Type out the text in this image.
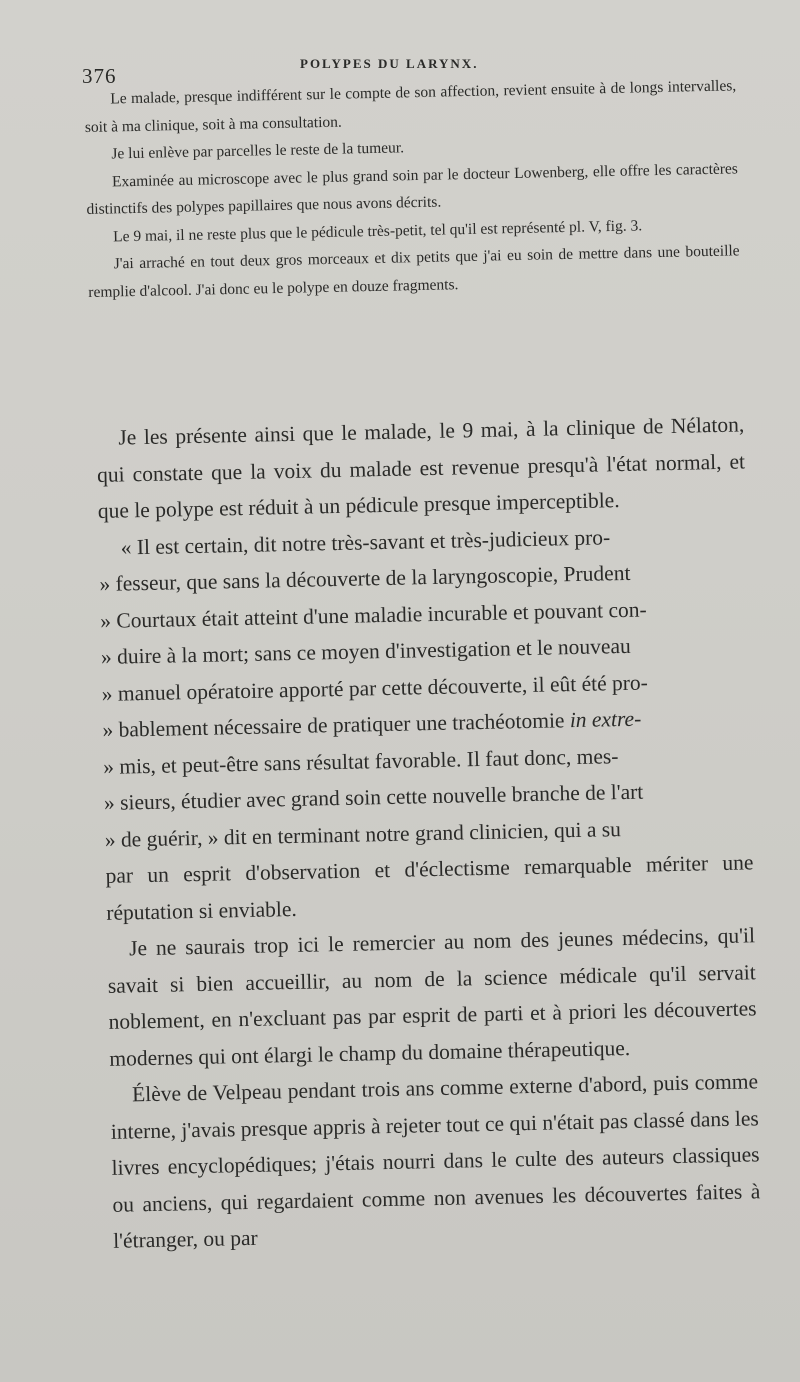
376
POLYPES DU LARYNX.

Le malade, presque indifférent sur le compte de son affection, revient ensuite à de longs intervalles, soit à ma clinique, soit à ma consultation.

Je lui enlève par parcelles le reste de la tumeur.

Examinée au microscope avec le plus grand soin par le docteur Lowenberg, elle offre les caractères distinctifs des polypes papillaires que nous avons décrits.

Le 9 mai, il ne reste plus que le pédicule très-petit, tel qu'il est représenté pl. V, fig. 3.

J'ai arraché en tout deux gros morceaux et dix petits que j'ai eu soin de mettre dans une bouteille remplie d'alcool. J'ai donc eu le polype en douze fragments.

Je les présente ainsi que le malade, le 9 mai, à la clinique de Nélaton, qui constate que la voix du malade est revenue presqu'à l'état normal, et que le polype est réduit à un pédicule presque imperceptible.

« Il est certain, dit notre très-savant et très-judicieux pro-
» fesseur, que sans la découverte de la laryngoscopie, Prudent
» Courtaux était atteint d'une maladie incurable et pouvant con-
» duire à la mort; sans ce moyen d'investigation et le nouveau
» manuel opératoire apporté par cette découverte, il eût été pro-
» bablement nécessaire de pratiquer une trachéotomie in extre-
» mis, et peut-être sans résultat favorable. Il faut donc, mes-
» sieurs, étudier avec grand soin cette nouvelle branche de l'art
» de guérir, » dit en terminant notre grand clinicien, qui a su

par un esprit d'observation et d'éclectisme remarquable mériter une réputation si enviable.

Je ne saurais trop ici le remercier au nom des jeunes médecins, qu'il savait si bien accueillir, au nom de la science médicale qu'il servait noblement, en n'excluant pas par esprit de parti et à priori les découvertes modernes qui ont élargi le champ du domaine thérapeutique.

Élève de Velpeau pendant trois ans comme externe d'abord, puis comme interne, j'avais presque appris à rejeter tout ce qui n'était pas classé dans les livres encyclopédiques; j'étais nourri dans le culte des auteurs classiques ou anciens, qui regardaient comme non avenues les découvertes faites à l'étranger, ou par
